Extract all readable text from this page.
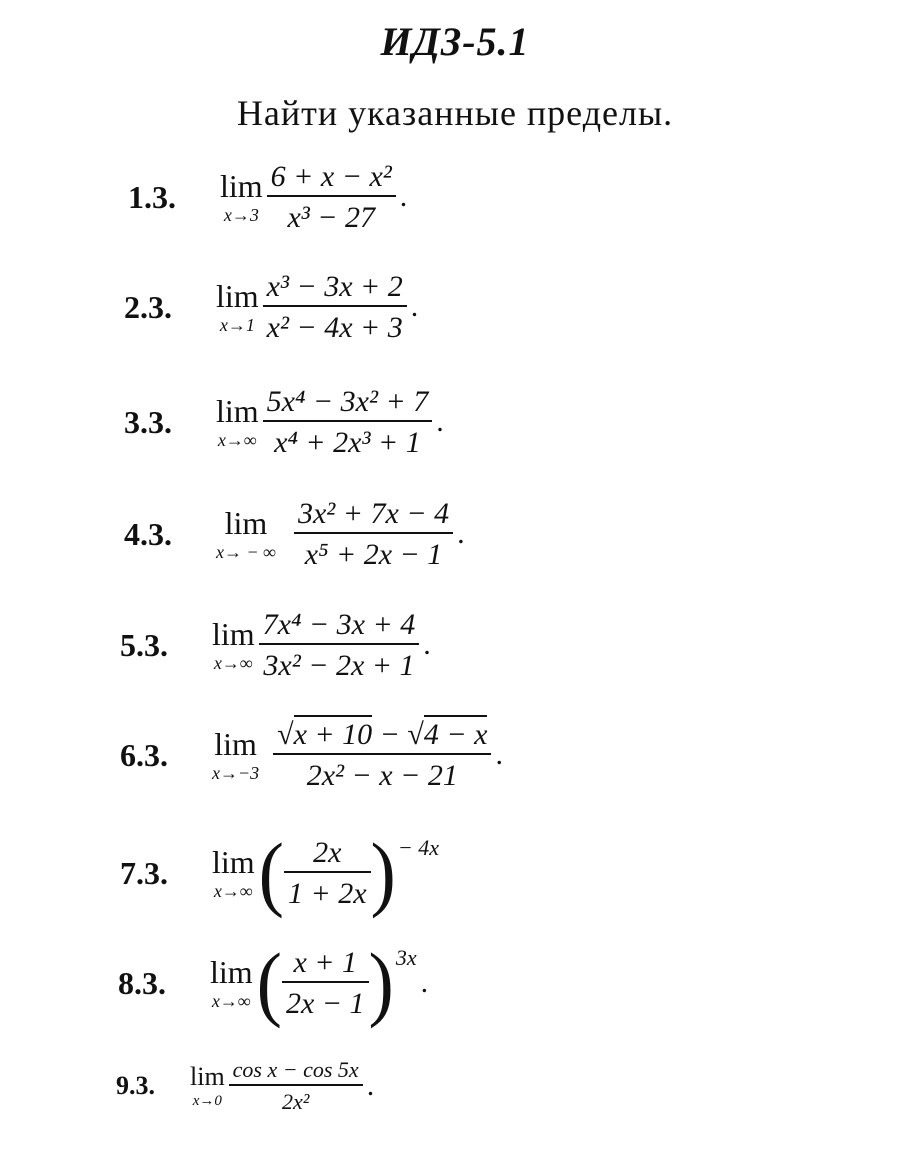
ИДЗ-5.1
Найти указанные пределы.
1.3.	lim
$x\to 3 \frac{\text{6 + x − x²}}{\text{x³ − 27}}$ .
2.3.	lim
$x\to 1 \frac{\text{x³ − 3x + 2}}{\text{x² − 4x + 3}}$ .
3.3.	lim
$x\to\infty \frac{\text{5x⁴ − 3x² + 7}}{\text{x⁴ + 2x³ + 1}}$ .
4.3.	lim
x→ − ∞ $\frac{\text{3x² + 7x − 4}}{\text{x⁵ + 2x − 1}}$ .
5.3.	lim
$x\to\infty \frac{\text{7x⁴ − 3x + 4}}{\text{3x² − 2x + 1}}$ .
6.3.	lim
$x\to-3 \frac{√x + 10 - √4 - x}{\text{2x² − x − 21}}$ .
7.3.	lim
x→∞ ( $\frac{2x}{1 + 2x}$ ) − 4x
8.3.	lim
x→∞ ( $\frac{x + 1}{2x - 1}$ ) 3x
.
9.3.	lim
$x\to 0 \frac{\text{cos x − cos 5x}}{\text{2x²}}$ .
